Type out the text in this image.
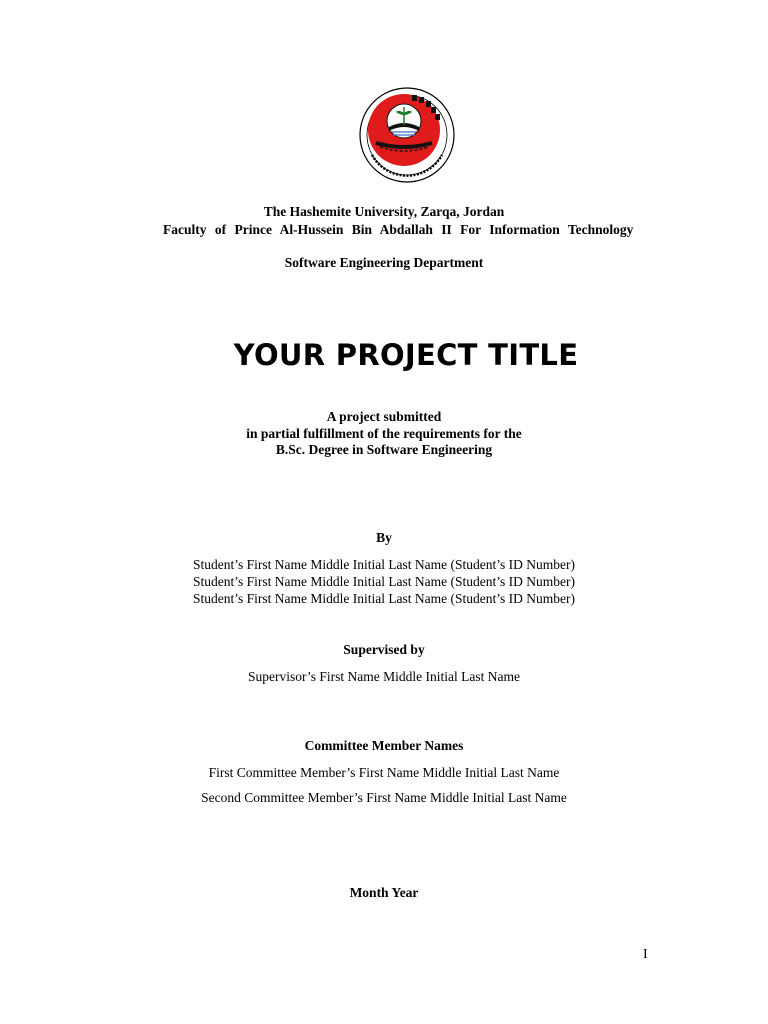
The Hashemite University, Zarqa, Jordan
Faculty of Prince Al-Hussein Bin Abdallah II For Information Technology
Software Engineering Department
YOUR PROJECT TITLE
A project submitted
in partial fulfillment of the requirements for the
B.Sc. Degree in Software Engineering
By
Student’s First Name Middle Initial Last Name (Student’s ID Number)
Student’s First Name Middle Initial Last Name (Student’s ID Number)
Student’s First Name Middle Initial Last Name (Student’s ID Number)
Supervised by
Supervisor’s First Name Middle Initial Last Name
Committee Member Names
First Committee Member’s First Name Middle Initial Last Name
Second Committee Member’s First Name Middle Initial Last Name
Month Year
I
